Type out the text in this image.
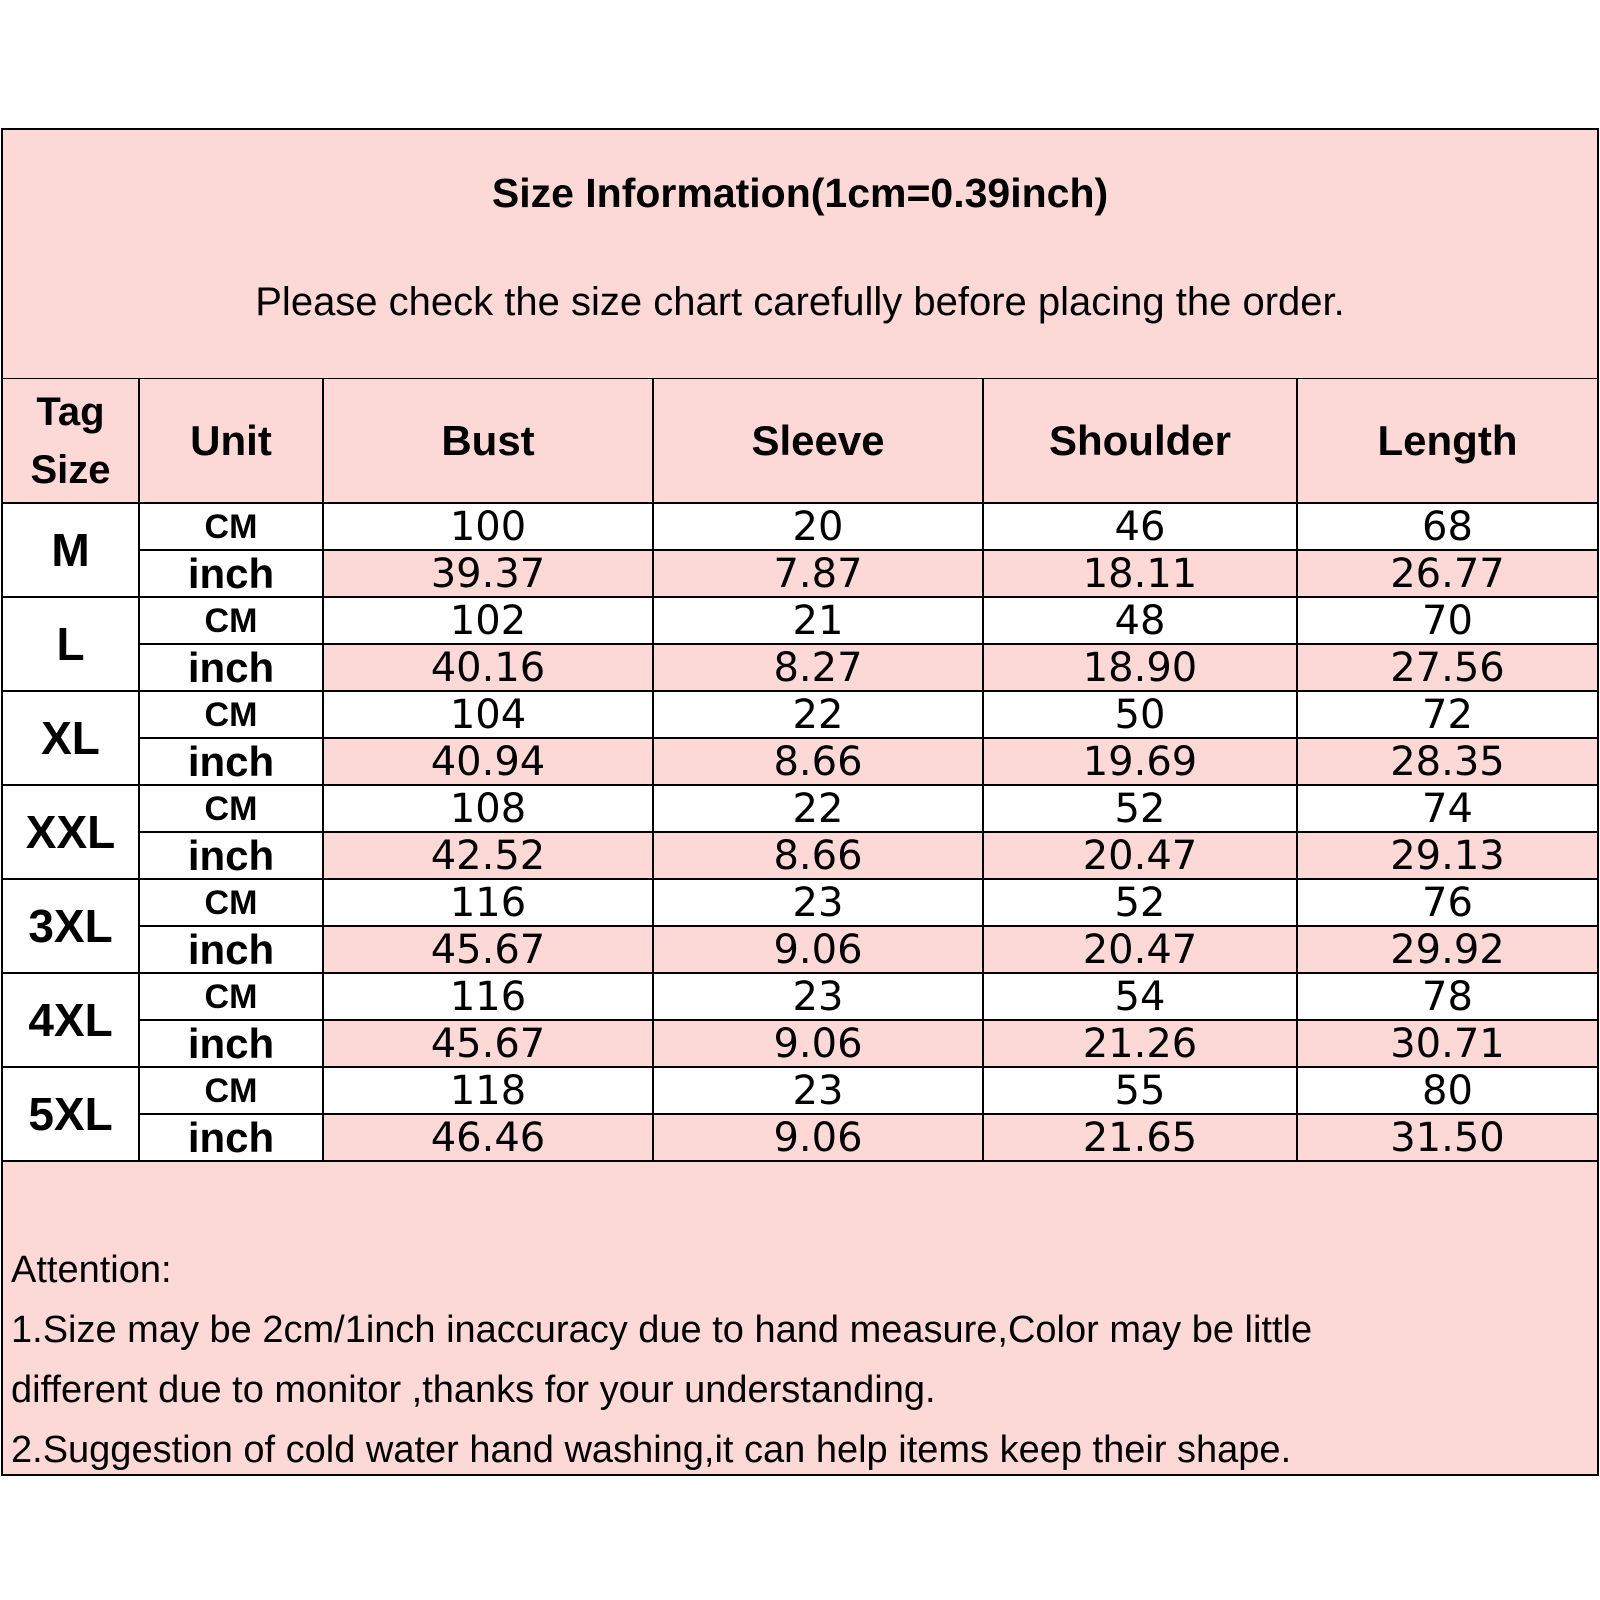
Size Information(1cm=0.39inch)
Please check the size chart carefully before placing the order.
Tag
Size	Unit	Bust	Sleeve	Shoulder	Length
M	CM	100	20	46	68
	inch	39.37	7.87	18.11	26.77
L	CM	102	21	48	70
	inch	40.16	8.27	18.90	27.56
XL	CM	104	22	50	72
	inch	40.94	8.66	19.69	28.35
XXL	CM	108	22	52	74
	inch	42.52	8.66	20.47	29.13
3XL	CM	116	23	52	76
	inch	45.67	9.06	20.47	29.92
4XL	CM	116	23	54	78
	inch	45.67	9.06	21.26	30.71
5XL	CM	118	23	55	80
	inch	46.46	9.06	21.65	31.50
Attention:
1.Size may be 2cm/1inch inaccuracy due to hand measure,Color may be little
different due to monitor ,thanks for your understanding.
2.Suggestion of cold water hand washing,it can help items keep their shape.
